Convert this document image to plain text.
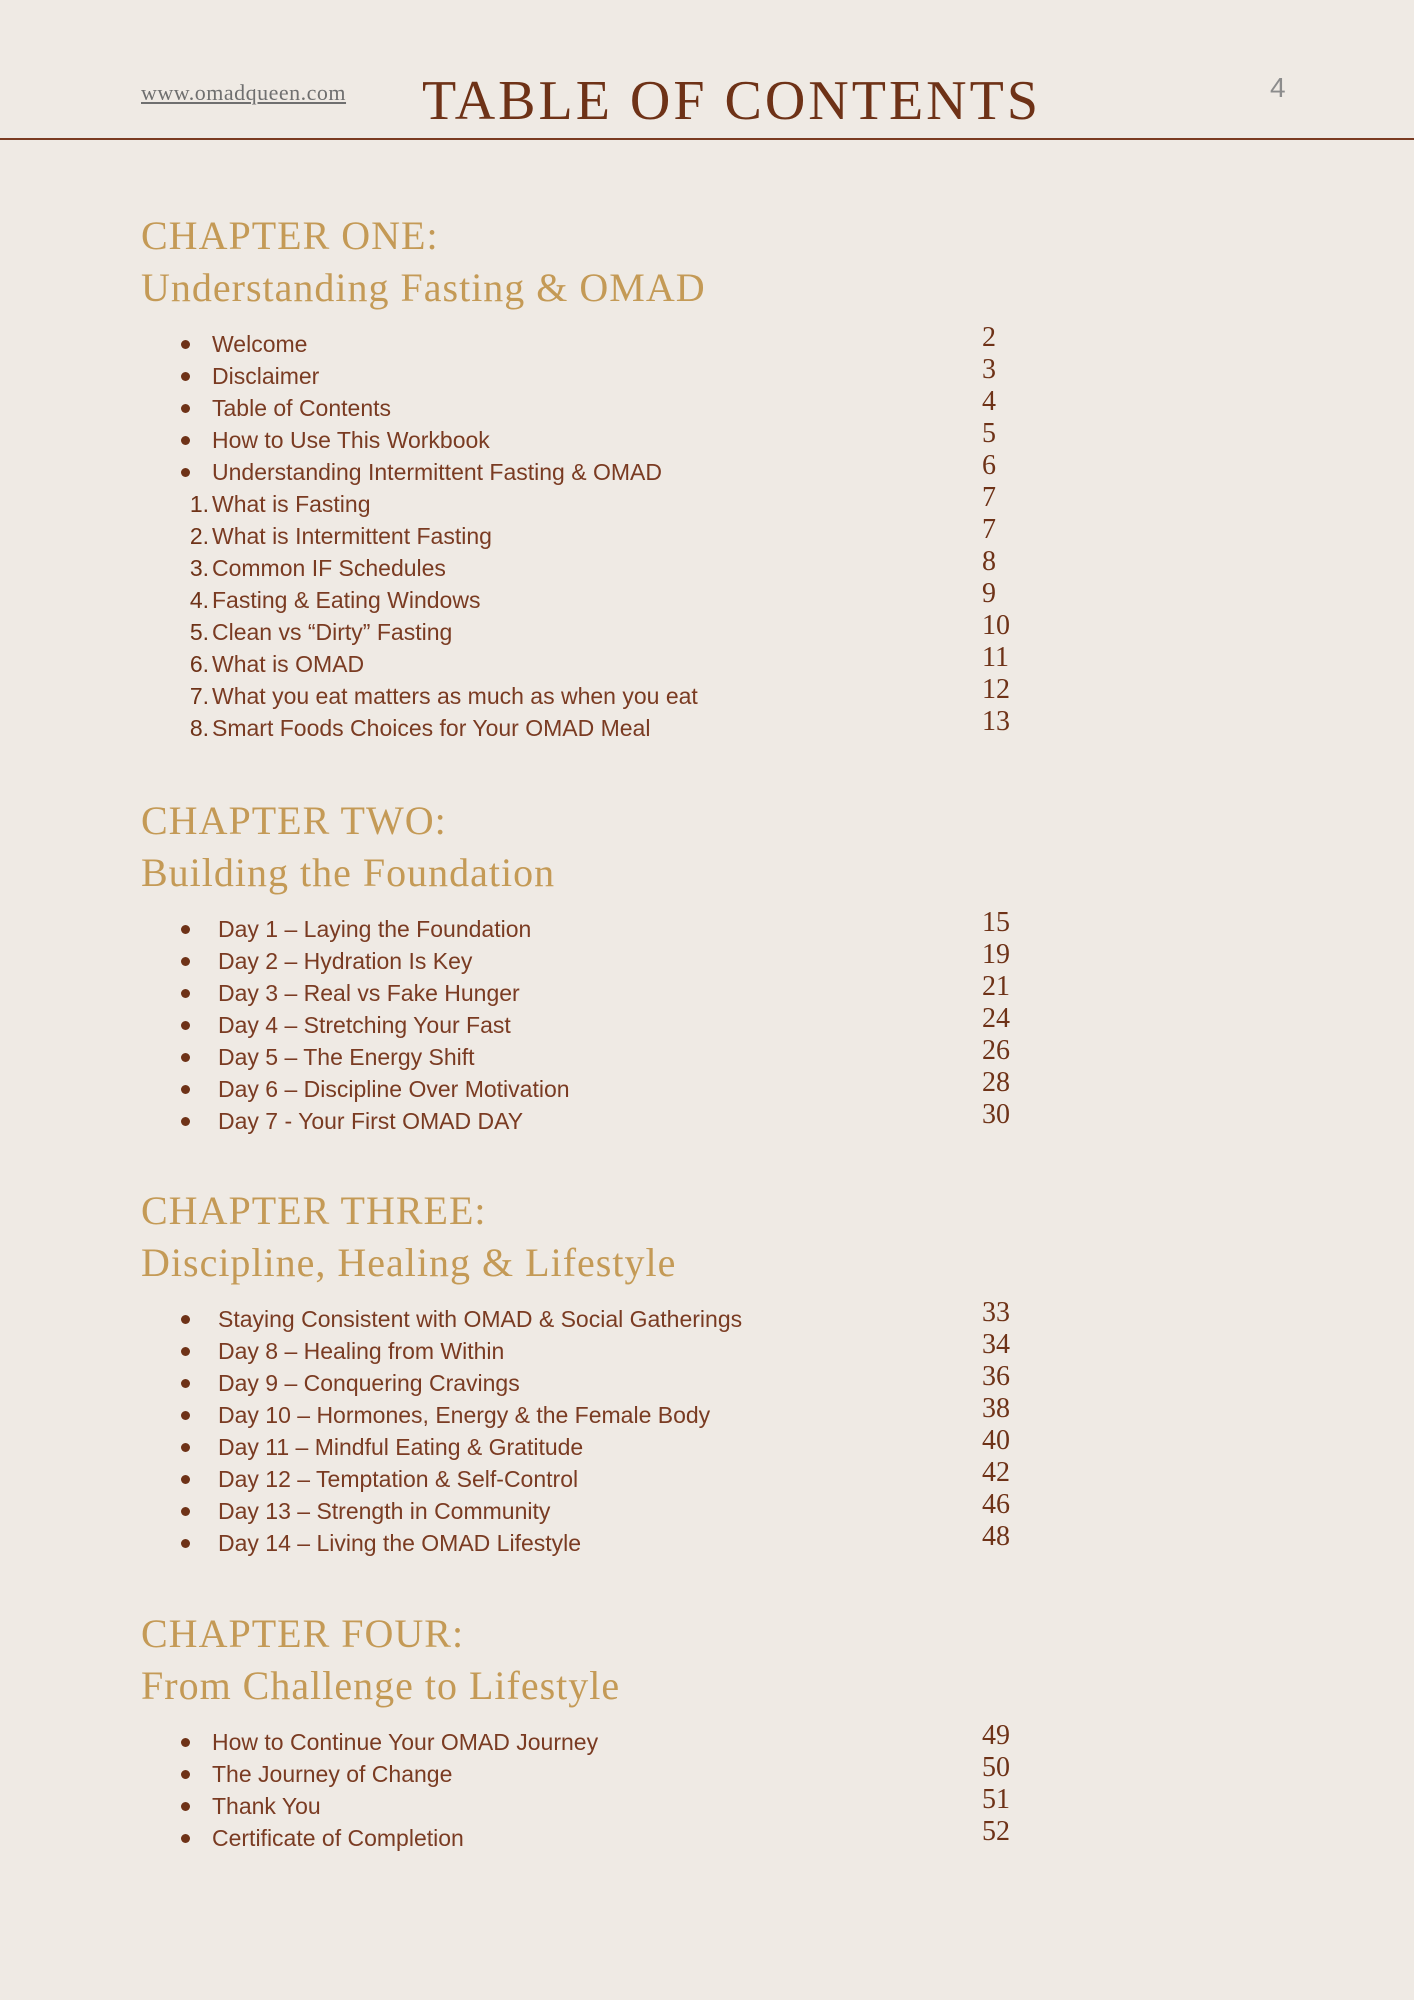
www.omadqueen.com TABLE OF CONTENTS	4
CHAPTER ONE:
Understanding Fasting & OMAD
Welcome	2
Disclaimer	3
Table of Contents	4
How to Use This Workbook	5
Understanding Intermittent Fasting & OMAD	6
1. What is Fasting	7
2. What is Intermittent Fasting	7
3. Common IF Schedules	8
4. Fasting & Eating Windows	9
5. Clean vs “Dirty” Fasting	10
6. What is OMAD	11
7. What you eat matters as much as when you eat	12
8. Smart Foods Choices for Your OMAD Meal	13
CHAPTER TWO:
Building the Foundation
Day 1 – Laying the Foundation	15
Day 2 – Hydration Is Key	19
Day 3 – Real vs Fake Hunger	21
Day 4 – Stretching Your Fast	24
Day 5 – The Energy Shift	26
Day 6 – Discipline Over Motivation	28
Day 7 - Your First OMAD DAY	30
CHAPTER THREE:
Discipline, Healing & Lifestyle
Staying Consistent with OMAD & Social Gatherings	33
Day 8 – Healing from Within	34
Day 9 – Conquering Cravings	36
Day 10 – Hormones, Energy & the Female Body	38
Day 11 – Mindful Eating & Gratitude	40
Day 12 – Temptation & Self-Control	42
Day 13 – Strength in Community	46
Day 14 – Living the OMAD Lifestyle	48
CHAPTER FOUR:
From Challenge to Lifestyle
How to Continue Your OMAD Journey	49
The Journey of Change	50
Thank You	51
Certificate of Completion	52
